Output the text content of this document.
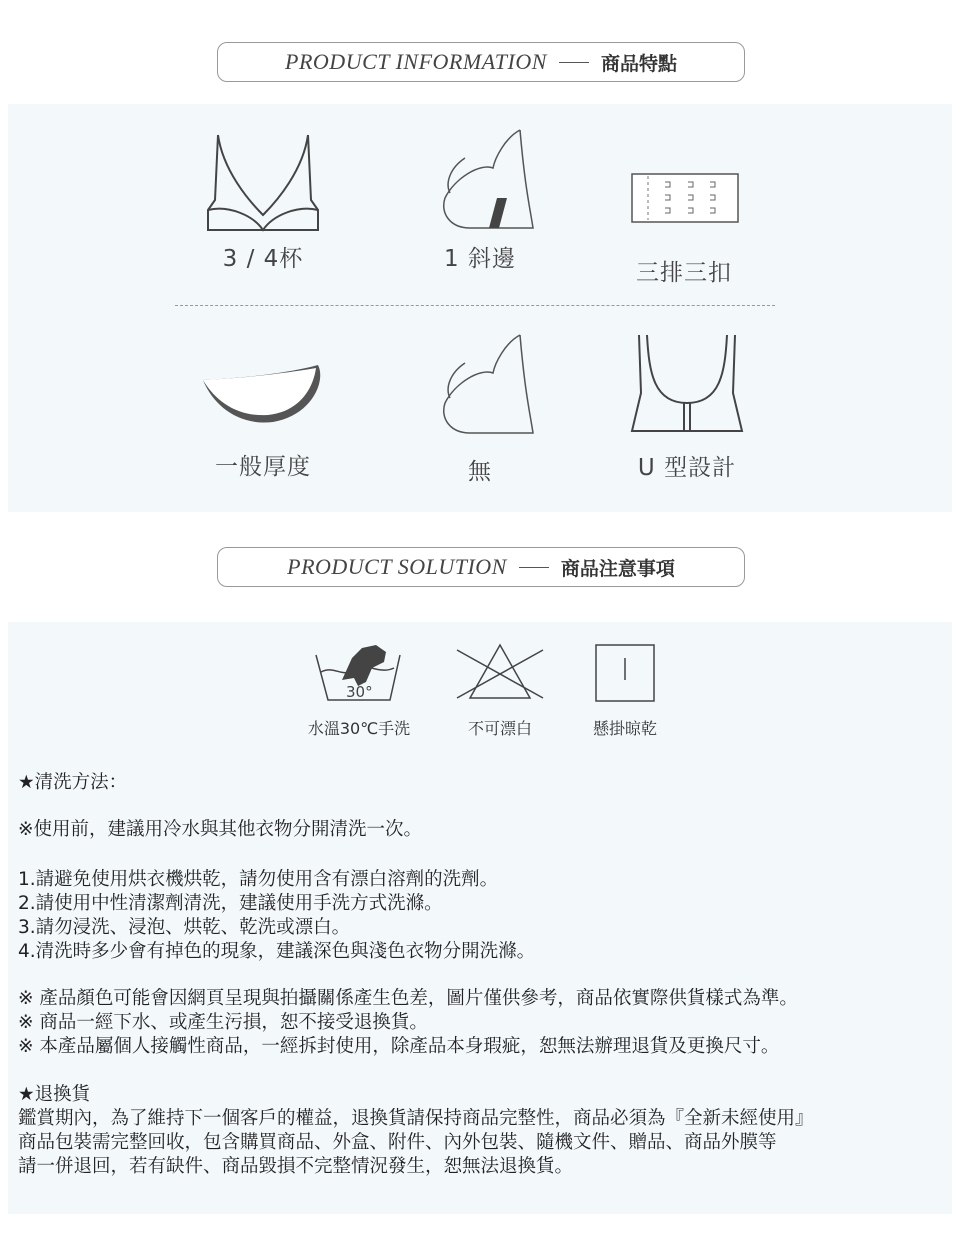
PRODUCT INFORMATION	商品特點
3 / 4杯	1 斜邊
三排三扣
一般厚度	無	U 型設計
PRODUCT SOLUTION	商品注意事項
30°
水溫30℃手洗	不可漂白	懸掛晾乾
★清洗方法：
※使用前，建議用冷水與其他衣物分開清洗一次。
1.請避免使用烘衣機烘乾，請勿使用含有漂白溶劑的洗劑。
2.請使用中性清潔劑清洗，建議使用手洗方式洗滌。
3.請勿浸洗、浸泡、烘乾、乾洗或漂白。
4.清洗時多少會有掉色的現象，建議深色與淺色衣物分開洗滌。
※ 產品顏色可能會因網頁呈現與拍攝關係產生色差，圖片僅供參考，商品依實際供貨樣式為準。
※ 商品一經下水、或產生污損，恕不接受退換貨。
※ 本產品屬個人接觸性商品，一經拆封使用，除產品本身瑕疵，恕無法辦理退貨及更換尺寸。
★退換貨
鑑賞期內，為了維持下一個客戶的權益，退換貨請保持商品完整性，商品必須為『全新未經使用』
商品包裝需完整回收，包含購買商品、外盒、附件、內外包裝、隨機文件、贈品、商品外膜等
請一併退回，若有缺件、商品毀損不完整情況發生，恕無法退換貨。
